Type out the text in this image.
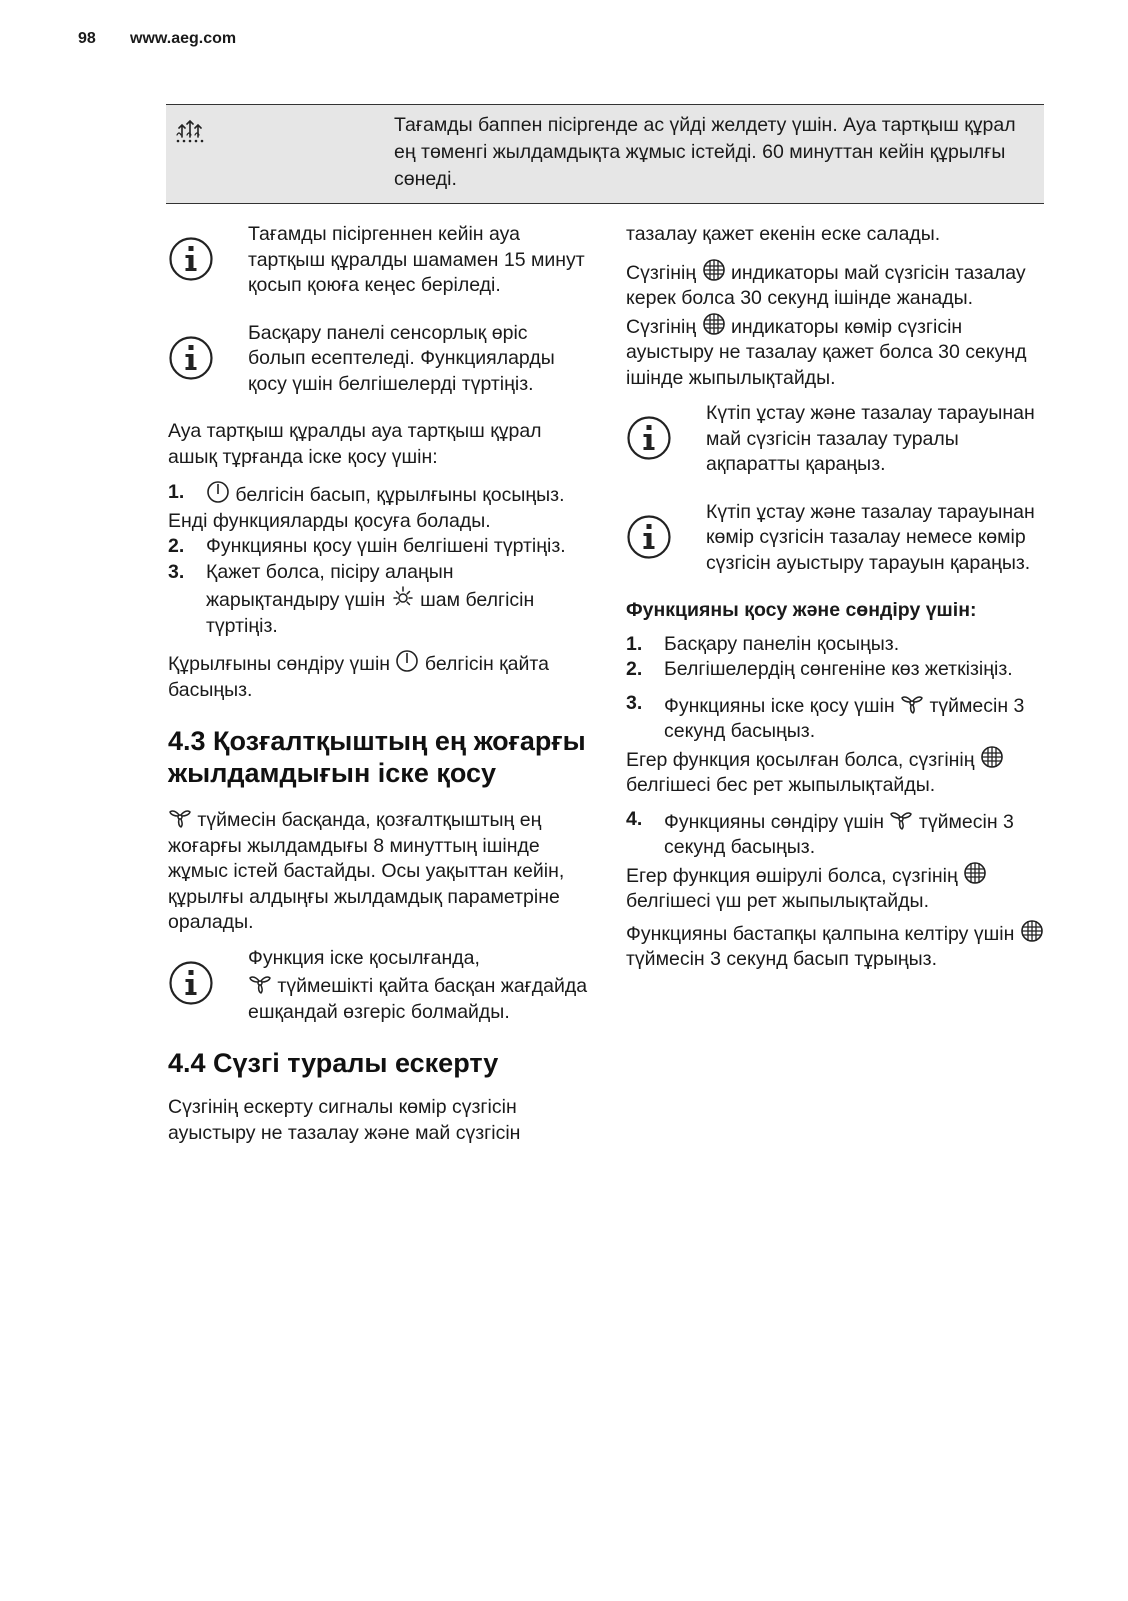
98 www.aeg.com
Тағамды баппен пісіргенде ас үйді желдету үшін. Ауа тартқыш құрал ең төменгі жылдамдықта жұмыс істейді. 60 минуттан кейін құрылғы сөнеді.
Тағамды пісіргеннен кейін ауа тартқыш құралды шамамен 15 минут қосып қоюға кеңес беріледі.
Басқару панелі сенсорлық өріс болып есептеледі. Функцияларды қосу үшін белгішелерді түртіңіз.

Ауа тартқыш құралды ауа тартқыш құрал ашық тұрғанда іске қосу үшін:

1.	белгісін басып, құрылғыны қосыңыз.

Енді функцияларды қосуға болады.

2.	Функцияны қосу үшін белгішені түртіңіз.
3.	Қажет болса, пісіру алаңын жарықтандыру үшін шам белгісін түртіңіз.

Құрылғыны сөндіру үшін белгісін қайта басыңыз.

4.3 Қозғалтқыштың ең жоғарғы жылдамдығын іске қосу

түймесін басқанда, қозғалтқыштың ең жоғарғы жылдамдығы 8 минуттың ішінде жұмыс істей бастайды. Осы уақыттан кейін, құрылғы алдыңғы жылдамдық параметріне оралады.

Функция іске қосылғанда,

түймешікті қайта басқан жағдайда ешқандай өзгеріс болмайды.
4.4 Сүзгі туралы ескерту

Сүзгінің ескерту сигналы көмір сүзгісін ауыстыру не тазалау және май сүзгісін

тазалау қажет екенін еске салады.

Сүзгінің индикаторы май сүзгісін тазалау керек болса 30 секунд ішінде жанады. Сүзгінің индикаторы көмір сүзгісін ауыстыру не тазалау қажет болса 30 секунд ішінде жыпылықтайды.

Күтіп ұстау және тазалау тарауынан май сүзгісін тазалау туралы ақпаратты қараңыз.
Күтіп ұстау және тазалау тарауынан көмір сүзгісін тазалау немесе көмір сүзгісін ауыстыру тарауын қараңыз.
Функцияны қосу және сөндіру үшін:
1.	Басқару панелін қосыңыз.
2.	Белгішелердің сөнгеніне көз жеткізіңіз.
3.	Функцияны іске қосу үшін түймесін 3 секунд басыңыз.

Егер функция қосылған болса, сүзгінің
белгішесі бес рет жыпылықтайды.

4.	Функцияны сөндіру үшін түймесін 3 секунд басыңыз.

Егер функция өшірулі болса, сүзгінің
белгішесі үш рет жыпылықтайды.

Функцияны бастапқы қалпына келтіру үшін
түймесін 3 секунд басып тұрыңыз.
